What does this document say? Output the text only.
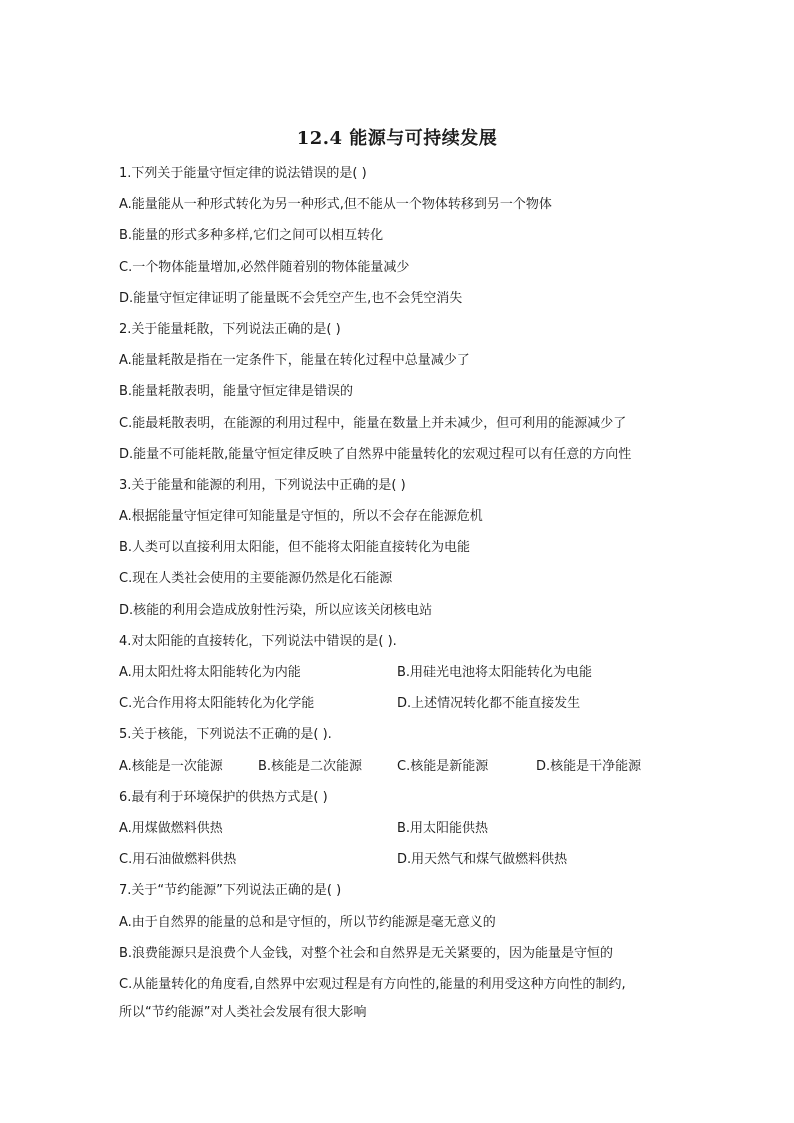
12.4 能源与可持续发展
1.下列关于能量守恒定律的说法错误的是( )
A.能量能从一种形式转化为另一种形式,但不能从一个物体转移到另一个物体
B.能量的形式多种多样,它们之间可以相互转化
C.一个物体能量增加,必然伴随着别的物体能量减少
D.能量守恒定律证明了能量既不会凭空产生,也不会凭空消失
2.关于能量耗散，下列说法正确的是( )
A.能量耗散是指在一定条件下，能量在转化过程中总量减少了
B.能量耗散表明，能量守恒定律是错误的
C.能最耗散表明，在能源的利用过程中，能量在数量上并未减少，但可利用的能源减少了
D.能量不可能耗散,能量守恒定律反映了自然界中能量转化的宏观过程可以有任意的方向性
3.关于能量和能源的利用，下列说法中正确的是( )
A.根据能量守恒定律可知能量是守恒的，所以不会存在能源危机
B.人类可以直接利用太阳能，但不能将太阳能直接转化为电能
C.现在人类社会使用的主要能源仍然是化石能源
D.核能的利用会造成放射性污染，所以应该关闭核电站
4.对太阳能的直接转化，下列说法中错误的是( ).
A.用太阳灶将太阳能转化为内能	B.用硅光电池将太阳能转化为电能
C.光合作用将太阳能转化为化学能	D.上述情况转化都不能直接发生
5.关于核能，下列说法不正确的是( ).
A.核能是一次能源	B.核能是二次能源	C.核能是新能源	D.核能是干净能源
6.最有利于环境保护的供热方式是( )
A.用煤做燃料供热	B.用太阳能供热
C.用石油做燃料供热	D.用天然气和煤气做燃料供热
7.关于“节约能源”下列说法正确的是( )
A.由于自然界的能量的总和是守恒的，所以节约能源是毫无意义的
B.浪费能源只是浪费个人金钱，对整个社会和自然界是无关紧要的，因为能量是守恒的
C.从能量转化的角度看,自然界中宏观过程是有方向性的,能量的利用受这种方向性的制约,
所以“节约能源”对人类社会发展有很大影响
